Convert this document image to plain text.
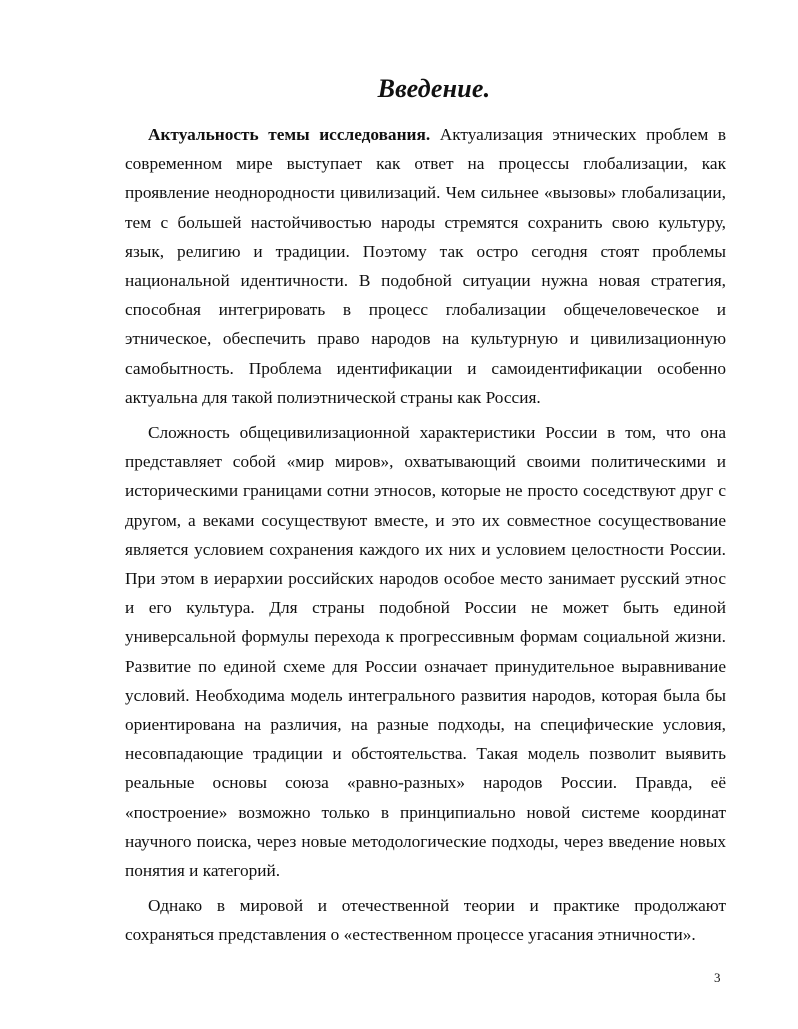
Введение.

Актуальность темы исследования. Актуализация этнических проблем в современном мире выступает как ответ на процессы глобализации, как проявление неоднородности цивилизаций. Чем сильнее «вызовы» глобализации, тем с большей настойчивостью народы стремятся сохранить свою культуру, язык, религию и традиции. Поэтому так остро сегодня стоят проблемы национальной идентичности. В подобной ситуации нужна новая стратегия, способная интегрировать в процесс глобализации общечеловеческое и этническое, обеспечить право народов на культурную и цивилизационную самобытность. Проблема идентификации и самоидентификации особенно актуальна для такой полиэтнической страны как Россия.

Сложность общецивилизационной характеристики России в том, что она представляет собой «мир миров», охватывающий своими политическими и историческими границами сотни этносов, которые не просто соседствуют друг с другом, а веками сосуществуют вместе, и это их совместное сосуществование является условием сохранения каждого их них и условием целостности России. При этом в иерархии российских народов особое место занимает русский этнос и его культура. Для страны подобной России не может быть единой универсальной формулы перехода к прогрессивным формам социальной жизни. Развитие по единой схеме для России означает принудительное выравнивание условий. Необходима модель интегрального развития народов, которая была бы ориентирована на различия, на разные подходы, на специфические условия, несовпадающие традиции и обстоятельства. Такая модель позволит выявить реальные основы союза «равно-разных» народов России. Правда, её «построение» возможно только в принципиально новой системе координат научного поиска, через новые методологические подходы, через введение новых понятия и категорий.

Однако в мировой и отечественной теории и практике продолжают сохраняться представления о «естественном процессе угасания этничности».

3
